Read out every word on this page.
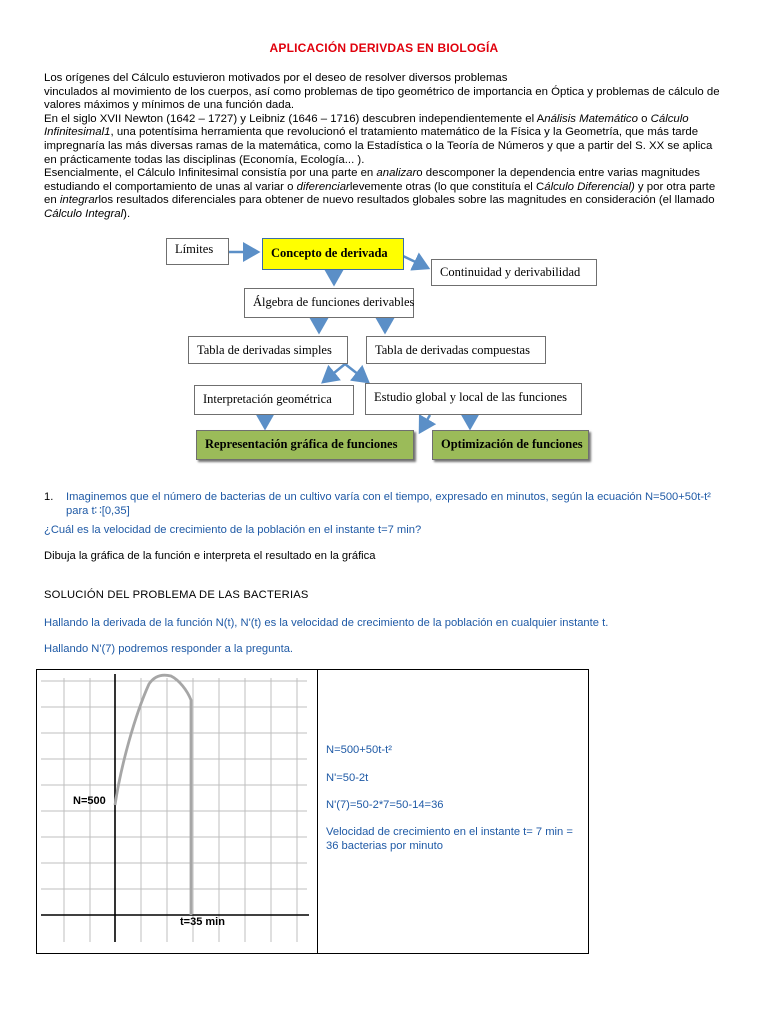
APLICACIÓN DERIVDAS EN BIOLOGÍA

Los orígenes del Cálculo estuvieron motivados por el deseo de resolver diversos problemas

vinculados al movimiento de los cuerpos, así como problemas de tipo geométrico de importancia en Óptica y problemas de cálculo de valores máximos y mínimos de una función dada.

En el siglo XVII Newton (1642 – 1727) y Leibniz (1646 – 1716) descubren independientemente el Análisis Matemático o Cálculo Infinitesimal1, una potentísima herramienta que revolucionó el tratamiento matemático de la Física y la Geometría, que más tarde impregnaría las más diversas ramas de la matemática, como la Estadística o la Teoría de Números y que a partir del S. XX se aplica en prácticamente todas las disciplinas (Economía, Ecología... ).

Esencialmente, el Cálculo Infinitesimal consistía por una parte en analizaro descomponer la dependencia entre varias magnitudes estudiando el comportamiento de unas al variar o diferenciarlevemente otras (lo que constituía el Cálculo Diferencial) y por otra parte en integrarlos resultados diferenciales para obtener de nuevo resultados globales sobre las magnitudes en consideración (el llamado Cálculo Integral).

Límites	Concepto de derivada
Continuidad y derivabilidad
Álgebra de funciones derivables
Tabla de derivadas simples	Tabla de derivadas compuestas
Interpretación geométrica	Estudio global y local de las funciones
Representación gráfica de funciones	Optimización de funciones
1. Imaginemos que el número de bacterias de un cultivo varía con el tiempo, expresado en minutos, según la ecuación N=500+50t-t²
para t∷[0,35]
¿Cuál es la velocidad de crecimiento de la población en el instante t=7 min?
Dibuja la gráfica de la función e interpreta el resultado en la gráfica
SOLUCIÓN DEL PROBLEMA DE LAS BACTERIAS
Hallando la derivada de la función N(t), N'(t) es la velocidad de crecimiento de la población en cualquier instante t.
Hallando N'(7) podremos responder a la pregunta.
N=500
t=35 min
N=500+50t-t²
N'=50-2t
N'(7)=50-2*7=50-14=36
Velocidad de crecimiento en el instante t= 7 min =
36 bacterias por minuto
